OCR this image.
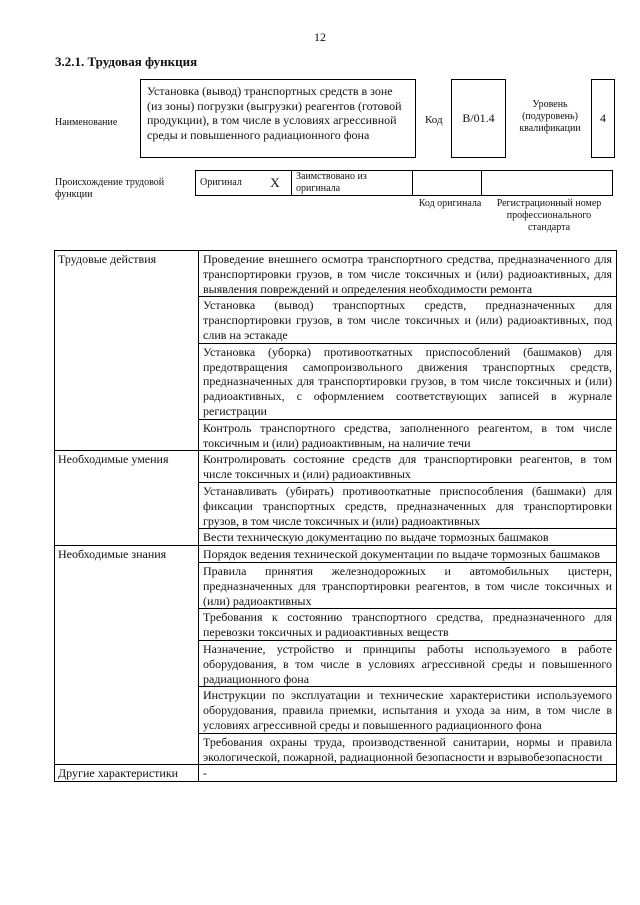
12
3.2.1. Трудовая функция
Наименование
Установка (вывод) транспортных средств в зоне (из зоны) погрузки (выгрузки) реагентов (готовой продукции), в том числе в условиях агрессивной среды и повышенного радиационного фона
Код	B/01.4
Уровень (подуровень) квалификации
4
Происхождение трудовой функции
Оригинал	X	Заимствовано из оригинала		
Код оригинала	Регистрационный номер профессионального стандарта
Трудовые действия	Проведение внешнего осмотра транспортного средства, предназначенного для транспортировки грузов, в том числе токсичных и (или) радиоактивных, для выявления повреждений и определения необходимости ремонта
	Установка (вывод) транспортных средств, предназначенных для транспортировки грузов, в том числе токсичных и (или) радиоактивных, под слив на эстакаде
	Установка (уборка) противооткатных приспособлений (башмаков) для предотвращения самопроизвольного движения транспортных средств, предназначенных для транспортировки грузов, в том числе токсичных и (или) радиоактивных, с оформлением соответствующих записей в журнале регистрации
	Контроль транспортного средства, заполненного реагентом, в том числе токсичным и (или) радиоактивным, на наличие течи
Необходимые умения	Контролировать состояние средств для транспортировки реагентов, в том числе токсичных и (или) радиоактивных
	Устанавливать (убирать) противооткатные приспособления (башмаки) для фиксации транспортных средств, предназначенных для транспортировки грузов, в том числе токсичных и (или) радиоактивных
	Вести техническую документацию по выдаче тормозных башмаков
Необходимые знания	Порядок ведения технической документации по выдаче тормозных башмаков
	Правила принятия железнодорожных и автомобильных цистерн, предназначенных для транспортировки реагентов, в том числе токсичных и (или) радиоактивных
	Требования к состоянию транспортного средства, предназначенного для перевозки токсичных и радиоактивных веществ
	Назначение, устройство и принципы работы используемого в работе оборудования, в том числе в условиях агрессивной среды и повышенного радиационного фона
	Инструкции по эксплуатации и технические характеристики используемого оборудования, правила приемки, испытания и ухода за ним, в том числе в условиях агрессивной среды и повышенного радиационного фона
	Требования охраны труда, производственной санитарии, нормы и правила экологической, пожарной, радиационной безопасности и взрывобезопасности
Другие характеристики	-
